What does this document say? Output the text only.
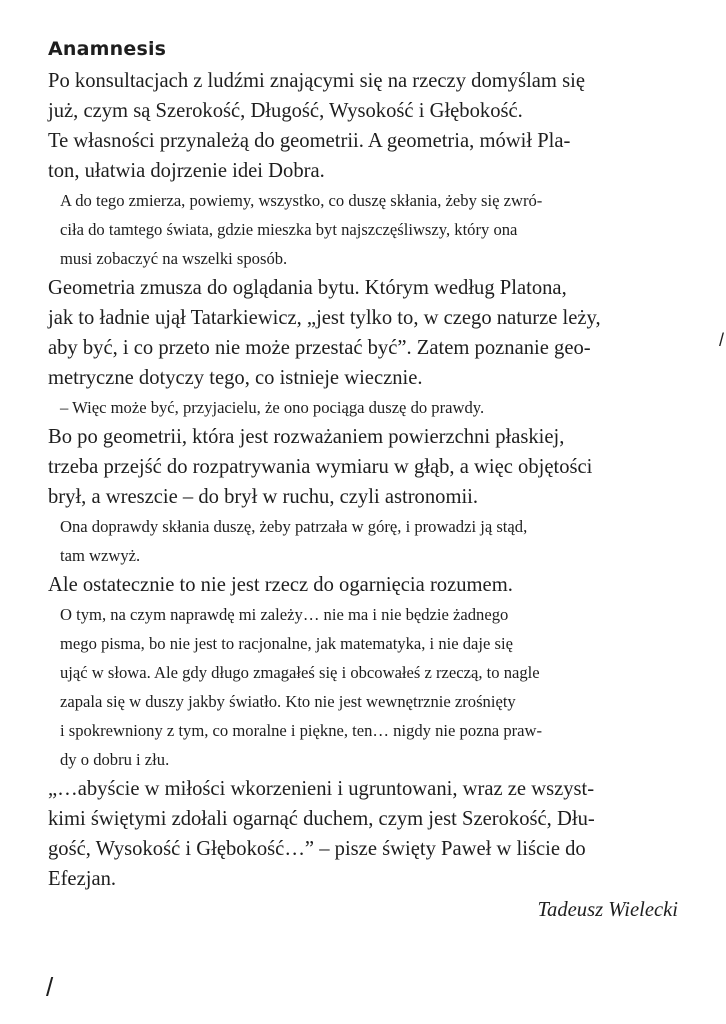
Anamnesis
Po konsultacjach z ludźmi znającymi się na rzeczy domyślam się
już, czym są Szerokość, Długość, Wysokość i Głębokość.
Te własności przynależą do geometrii. A geometria, mówił Pla-
ton, ułatwia dojrzenie idei Dobra.
A do tego zmierza, powiemy, wszystko, co duszę skłania, żeby się zwró-
ciła do tamtego świata, gdzie mieszka byt najszczęśliwszy, który ona
musi zobaczyć na wszelki sposób.
Geometria zmusza do oglądania bytu. Którym według Platona,
jak to ładnie ujął Tatarkiewicz, „jest tylko to, w czego naturze leży,
aby być, i co przeto nie może przestać być”. Zatem poznanie geo-
metryczne dotyczy tego, co istnieje wiecznie.
– Więc może być, przyjacielu, że ono pociąga duszę do prawdy.
Bo po geometrii, która jest rozważaniem powierzchni płaskiej,
trzeba przejść do rozpatrywania wymiaru w głąb, a więc objętości
brył, a wreszcie – do brył w ruchu, czyli astronomii.
Ona doprawdy skłania duszę, żeby patrzała w górę, i prowadzi ją stąd,
tam wzwyż.
Ale ostatecznie to nie jest rzecz do ogarnięcia rozumem.
O tym, na czym naprawdę mi zależy… nie ma i nie będzie żadnego
mego pisma, bo nie jest to racjonalne, jak matematyka, i nie daje się
ująć w słowa. Ale gdy długo zmagałeś się i obcowałeś z rzeczą, to nagle
zapala się w duszy jakby światło. Kto nie jest wewnętrznie zrośnięty
i spokrewniony z tym, co moralne i piękne, ten… nigdy nie pozna praw-
dy o dobru i złu.
„…abyście w miłości wkorzenieni i ugruntowani, wraz ze wszyst-
kimi świętymi zdołali ogarnąć duchem, czym jest Szerokość, Dłu-
gość, Wysokość i Głębokość…” – pisze święty Paweł w liście do
Efezjan.
Tadeusz Wielecki
/
/
